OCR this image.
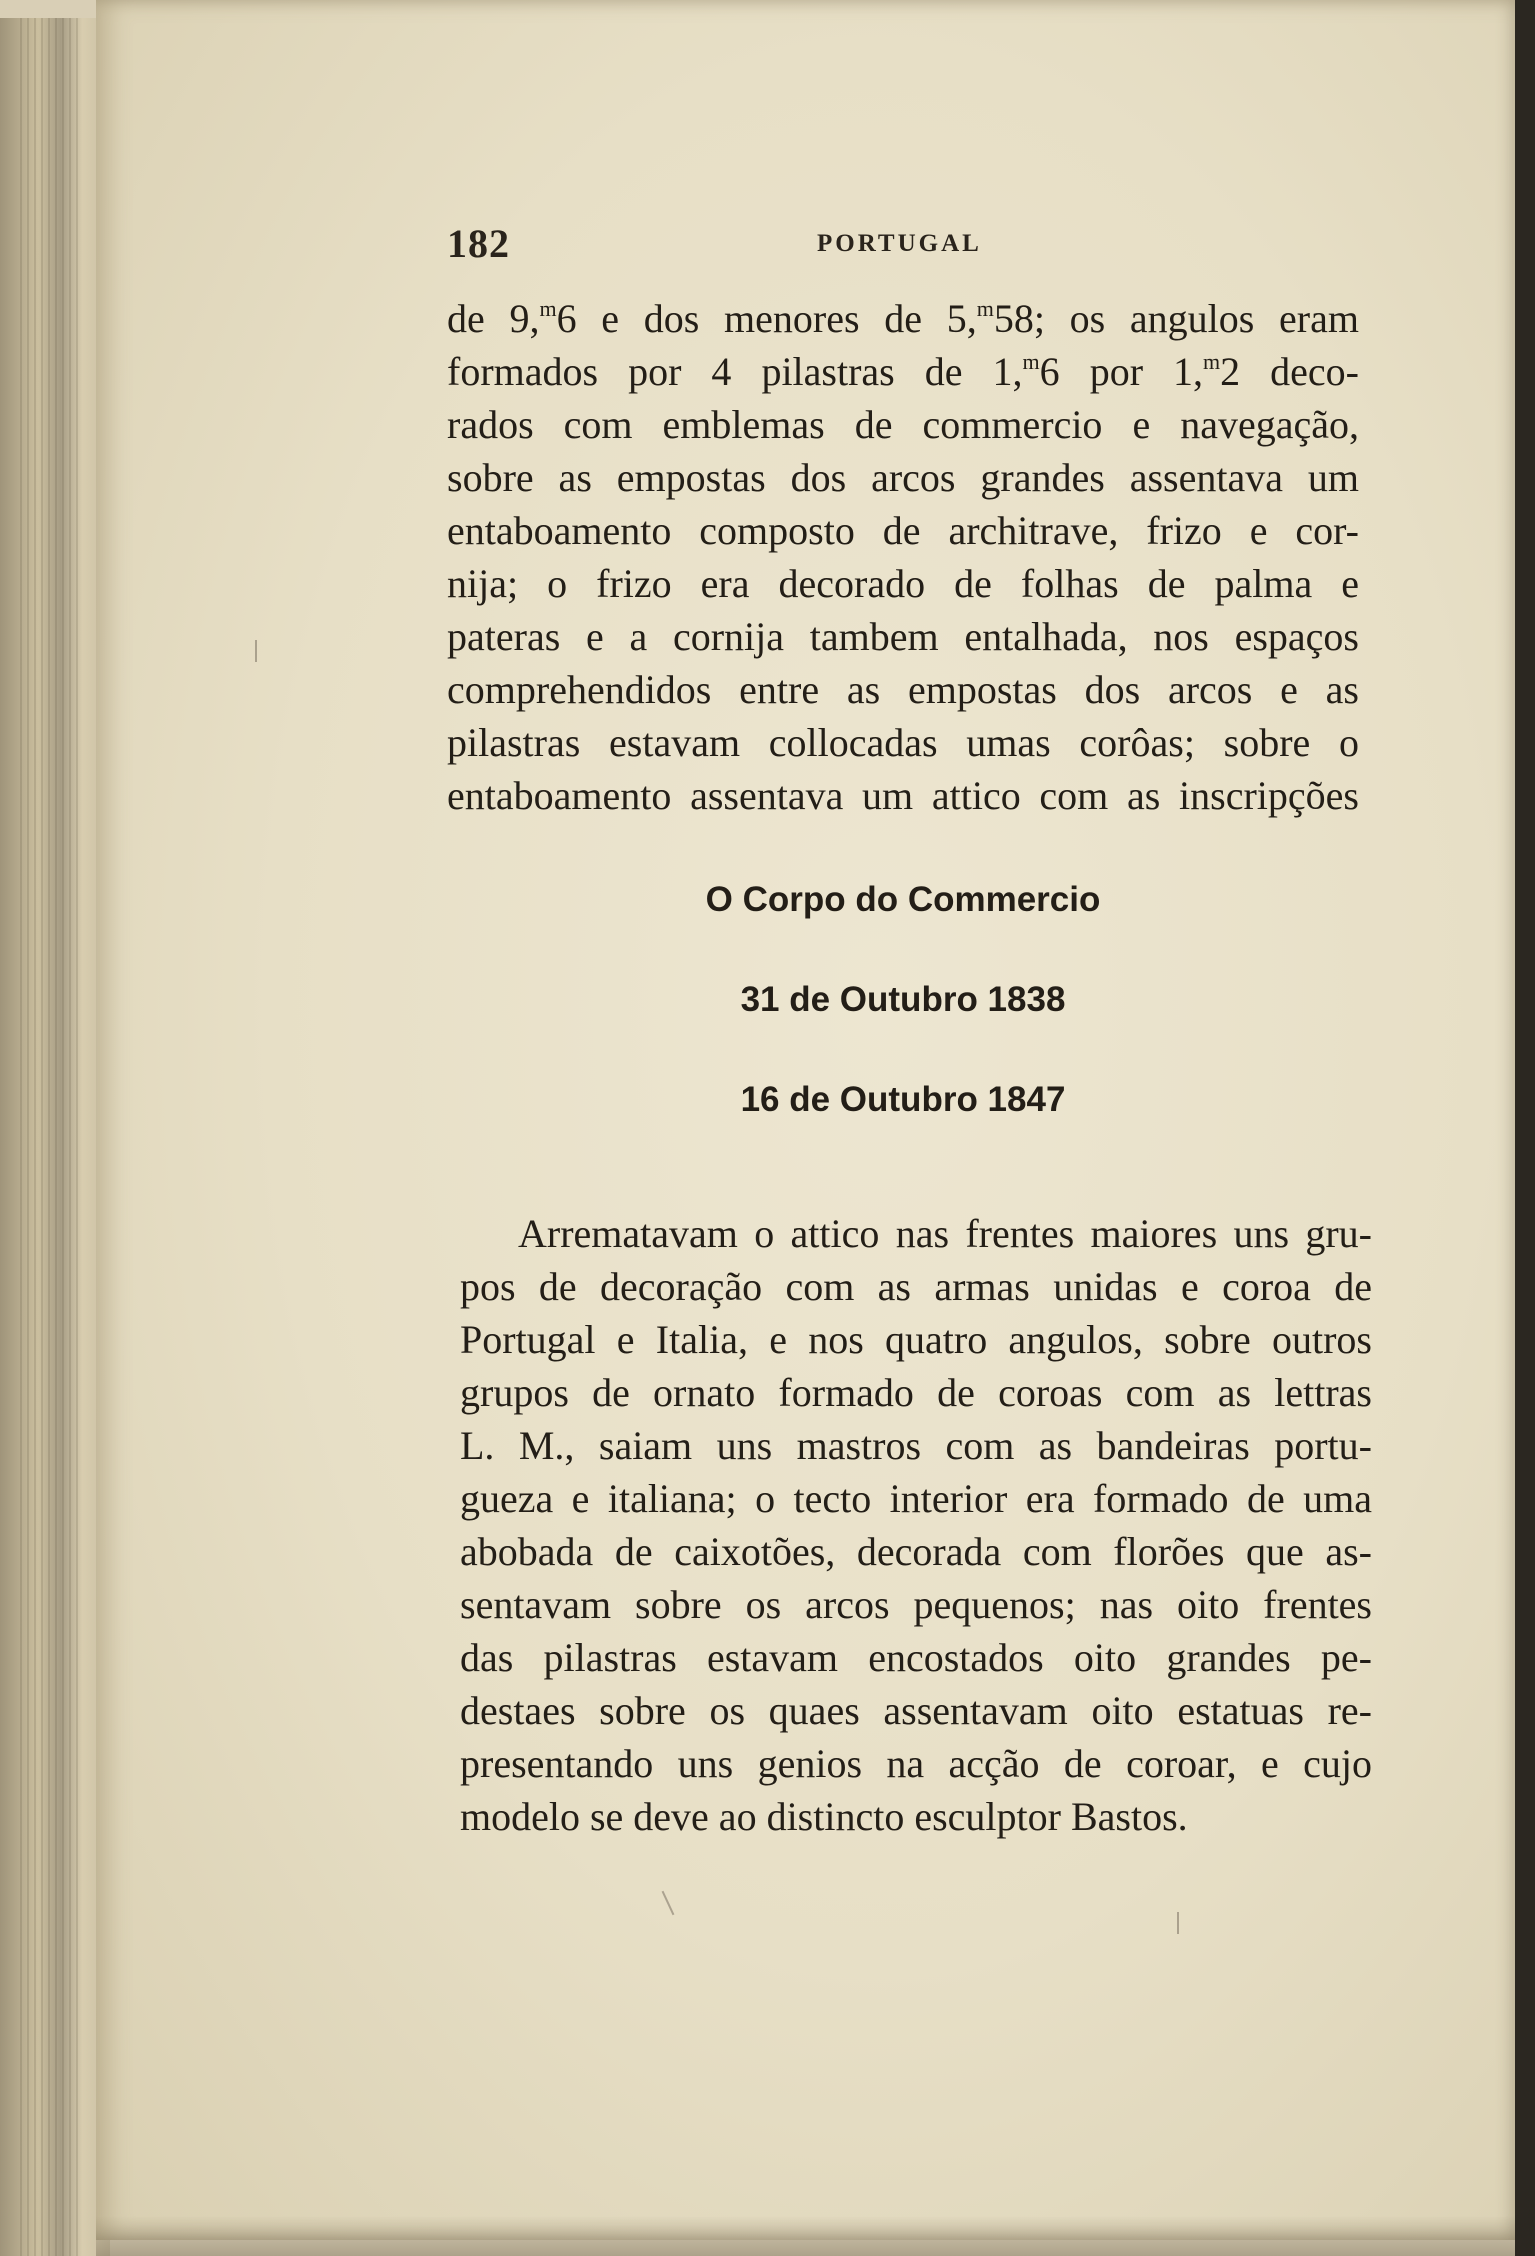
182	PORTUGAL
de 9,$^m$6 e dos menores de 5,$^m$58; os angulos eram
formados por 4 pilastras de 1,$^m$6 por 1,$^m$2 deco-
rados com emblemas de commercio e navegação,
sobre as empostas dos arcos grandes assentava um
entaboamento composto de architrave, frizo e cor-
nija; o frizo era decorado de folhas de palma e
pateras e a cornija tambem entalhada, nos espaços
comprehendidos entre as empostas dos arcos e as
pilastras estavam collocadas umas corôas; sobre o
entaboamento assentava um attico com as inscripções
O Corpo do Commercio
31 de Outubro 1838
16 de Outubro 1847
Arrematavam o attico nas frentes maiores uns gru-
pos de decoração com as armas unidas e coroa de
Portugal e Italia, e nos quatro angulos, sobre outros
grupos de ornato formado de coroas com as lettras
L. M., saiam uns mastros com as bandeiras portu-
gueza e italiana; o tecto interior era formado de uma
abobada de caixotões, decorada com florões que as-
sentavam sobre os arcos pequenos; nas oito frentes
das pilastras estavam encostados oito grandes pe-
destaes sobre os quaes assentavam oito estatuas re-
presentando uns genios na acção de coroar, e cujo
modelo se deve ao distincto esculptor Bastos.
